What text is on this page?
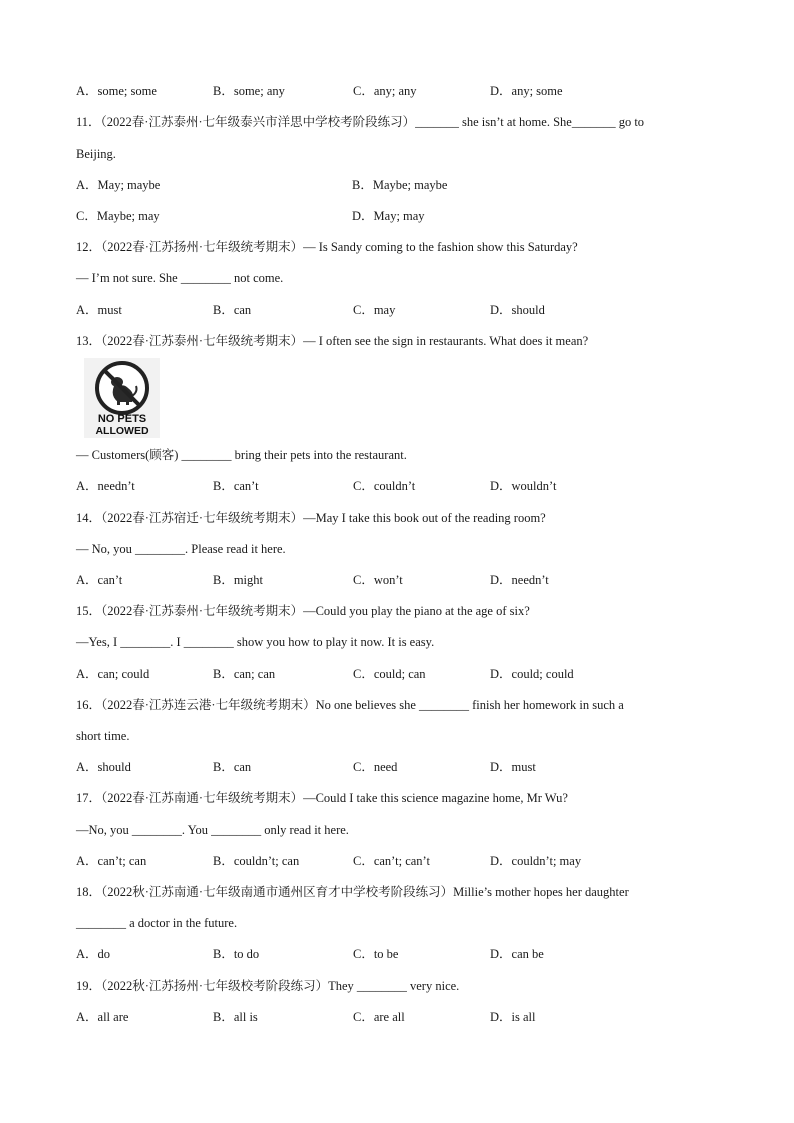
A．some; some	B．some; any	C．any; any	D．any; some
11．（2022春·江苏泰州·七年级泰兴市洋思中学校考阶段练习）_______ she isn’t at home. She_______ go to
Beijing.
A．May; maybe	B．Maybe; maybe
C．Maybe; may	D．May; may
12．（2022春·江苏扬州·七年级统考期末）— Is Sandy coming to the fashion show this Saturday?
— I’m not sure. She ________ not come.
A．must	B．can	C．may	D．should
13．（2022春·江苏泰州·七年级统考期末）— I often see the sign in restaurants. What does it mean?
NO PETS
ALLOWED
— Customers(顾客) ________ bring their pets into the restaurant.
A．needn’t	B．can’t	C．couldn’t	D．wouldn’t
14．（2022春·江苏宿迁·七年级统考期末）—May I take this book out of the reading room?
— No, you ________. Please read it here.
A．can’t	B．might	C．won’t	D．needn’t
15．（2022春·江苏泰州·七年级统考期末）—Could you play the piano at the age of six?
—Yes, I ________. I ________ show you how to play it now. It is easy.
A．can; could	B．can; can	C．could; can	D．could; could
16．（2022春·江苏连云港·七年级统考期末）No one believes she ________ finish her homework in such a
short time.
A．should	B．can	C．need	D．must
17．（2022春·江苏南通·七年级统考期末）—Could I take this science magazine home, Mr Wu?
—No, you ________. You ________ only read it here.
A．can’t; can	B．couldn’t; can	C．can’t; can’t	D．couldn’t; may
18．（2022秋·江苏南通·七年级南通市通州区育才中学校考阶段练习）Millie’s mother hopes her daughter
________ a doctor in the future.
A．do	B．to do	C．to be	D．can be
19．（2022秋·江苏扬州·七年级校考阶段练习）They ________ very nice.
A．all are	B．all is	C．are all	D．is all
